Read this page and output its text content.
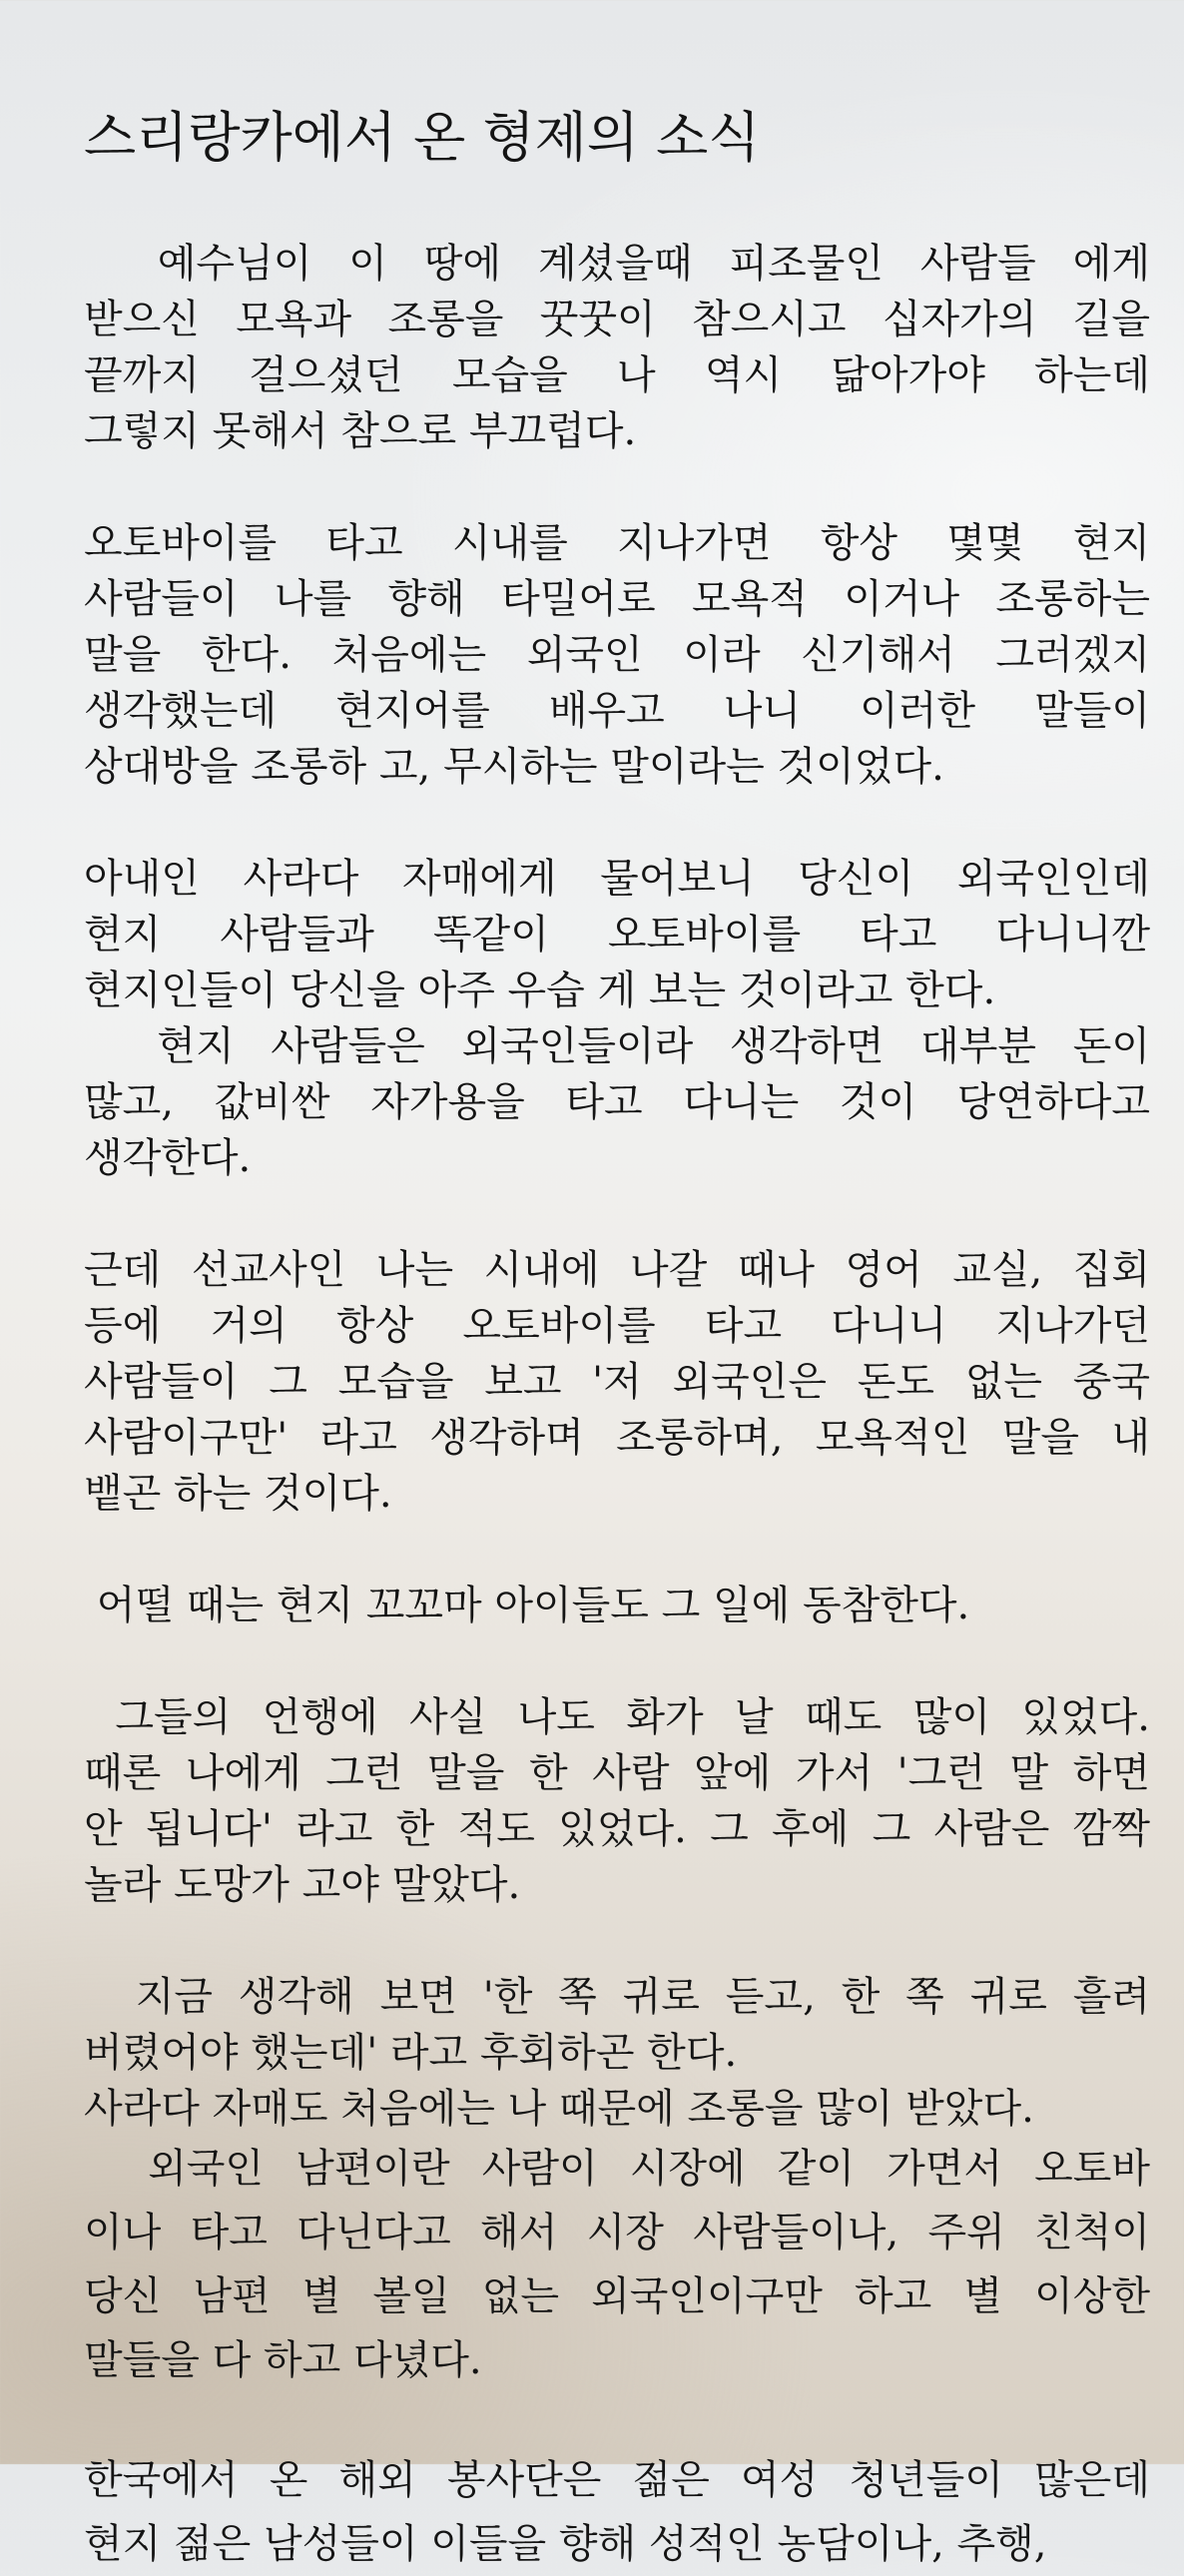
스리랑카에서 온 형제의 소식

예수님이 이 땅에 계셨을때 피조물인 사람들 에게
받으신 모욕과 조롱을 꿋꿋이 참으시고 십자가의 길을
끝까지 걸으셨던 모습을 나 역시 닮아가야 하는데
그렇지 못해서 참으로 부끄럽다.

오토바이를 타고 시내를 지나가면 항상 몇몇 현지
사람들이 나를 향해 타밀어로 모욕적 이거나 조롱하는
말을 한다. 처음에는 외국인 이라 신기해서 그러겠지
생각했는데 현지어를 배우고 나니 이러한 말들이
상대방을 조롱하 고, 무시하는 말이라는 것이었다.

아내인 사라다 자매에게 물어보니 당신이 외국인인데
현지 사람들과 똑같이 오토바이를 타고 다니니깐
현지인들이 당신을 아주 우습 게 보는 것이라고 한다.
현지 사람들은 외국인들이라 생각하면 대부분 돈이
많고, 값비싼 자가용을 타고 다니는 것이 당연하다고
생각한다.

근데 선교사인 나는 시내에 나갈 때나 영어 교실, 집회
등에 거의 항상 오토바이를 타고 다니니 지나가던
사람들이 그 모습을 보고 '저 외국인은 돈도 없는 중국
사람이구만' 라고 생각하며 조롱하며, 모욕적인 말을 내
뱉곤 하는 것이다.

어떨 때는 현지 꼬꼬마 아이들도 그 일에 동참한다.

그들의 언행에 사실 나도 화가 날 때도 많이 있었다.
때론 나에게 그런 말을 한 사람 앞에 가서 '그런 말 하면
안 됩니다' 라고 한 적도 있었다. 그 후에 그 사람은 깜짝
놀라 도망가 고야 말았다.

지금 생각해 보면 '한 쪽 귀로 듣고, 한 쪽 귀로 흘려
버렸어야 했는데' 라고 후회하곤 한다.
사라다 자매도 처음에는 나 때문에 조롱을 많이 받았다.

외국인 남편이란 사람이 시장에 같이 가면서 오토바
이나 타고 다닌다고 해서 시장 사람들이나, 주위 친척이
당신 남편 별 볼일 없는 외국인이구만 하고 별 이상한
말들을 다 하고 다녔다.

한국에서 온 해외 봉사단은 젊은 여성 청년들이 많은데
현지 젊은 남성들이 이들을 향해 성적인 농담이나, 추행,
